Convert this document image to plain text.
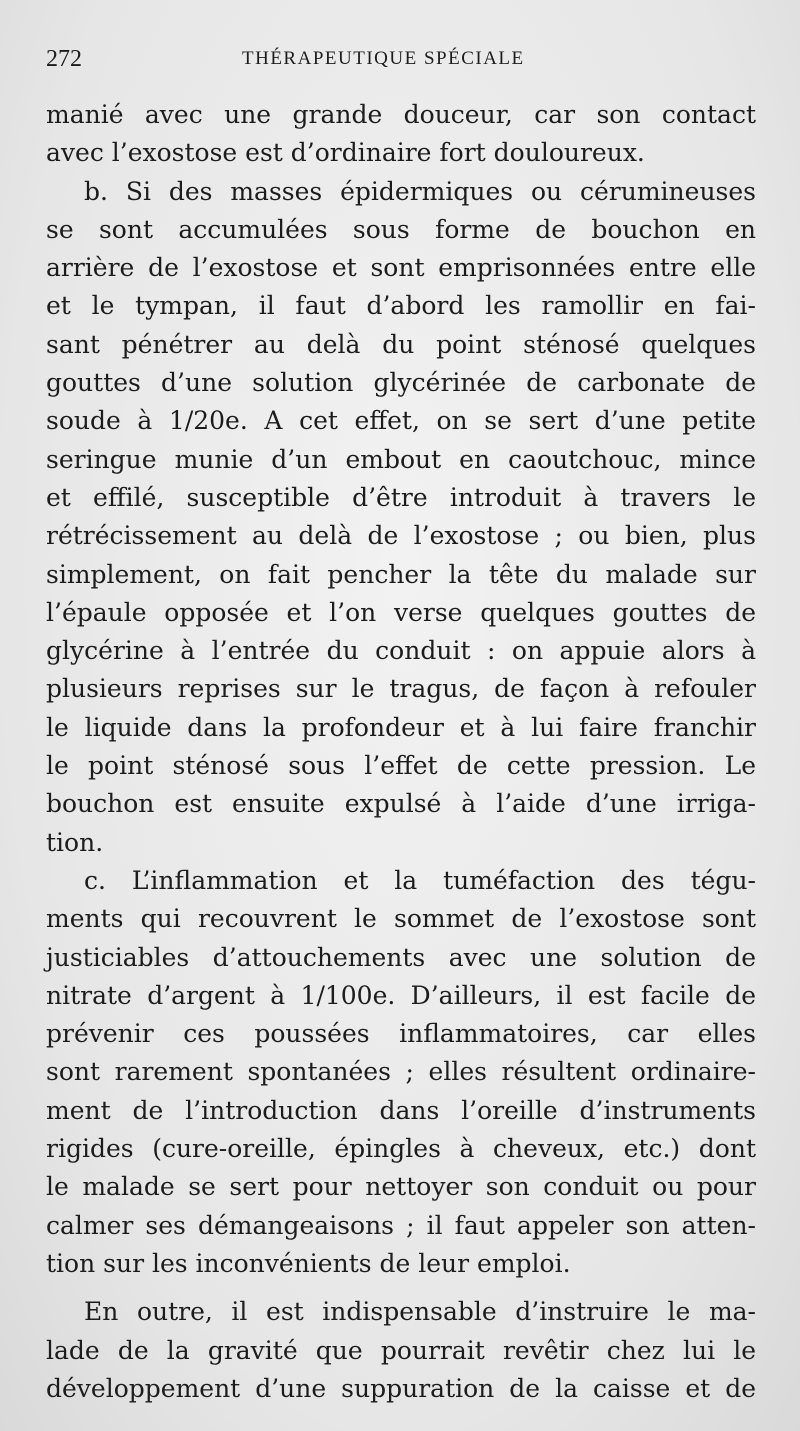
272	THÉRAPEUTIQUE SPÉCIALE
manié avec une grande douceur, car son contact
avec l’exostose est d’ordinaire fort douloureux.
b. Si des masses épidermiques ou cérumineuses
se sont accumulées sous forme de bouchon en
arrière de l’exostose et sont emprisonnées entre elle
et le tympan, il faut d’abord les ramollir en fai-
sant pénétrer au delà du point sténosé quelques
gouttes d’une solution glycérinée de carbonate de
soude à 1/20e. A cet effet, on se sert d’une petite
seringue munie d’un embout en caoutchouc, mince
et effilé, susceptible d’être introduit à travers le
rétrécissement au delà de l’exostose ; ou bien, plus
simplement, on fait pencher la tête du malade sur
l’épaule opposée et l’on verse quelques gouttes de
glycérine à l’entrée du conduit : on appuie alors à
plusieurs reprises sur le tragus, de façon à refouler
le liquide dans la profondeur et à lui faire franchir
le point sténosé sous l’effet de cette pression. Le
bouchon est ensuite expulsé à l’aide d’une irriga-
tion.
c. L’inflammation et la tuméfaction des tégu-
ments qui recouvrent le sommet de l’exostose sont
justiciables d’attouchements avec une solution de
nitrate d’argent à 1/100e. D’ailleurs, il est facile de
prévenir ces poussées inflammatoires, car elles
sont rarement spontanées ; elles résultent ordinaire-
ment de l’introduction dans l’oreille d’instruments
rigides (cure-oreille, épingles à cheveux, etc.) dont
le malade se sert pour nettoyer son conduit ou pour
calmer ses démangeaisons ; il faut appeler son atten-
tion sur les inconvénients de leur emploi.
En outre, il est indispensable d’instruire le ma-
lade de la gravité que pourrait revêtir chez lui le
développement d’une suppuration de la caisse et de
